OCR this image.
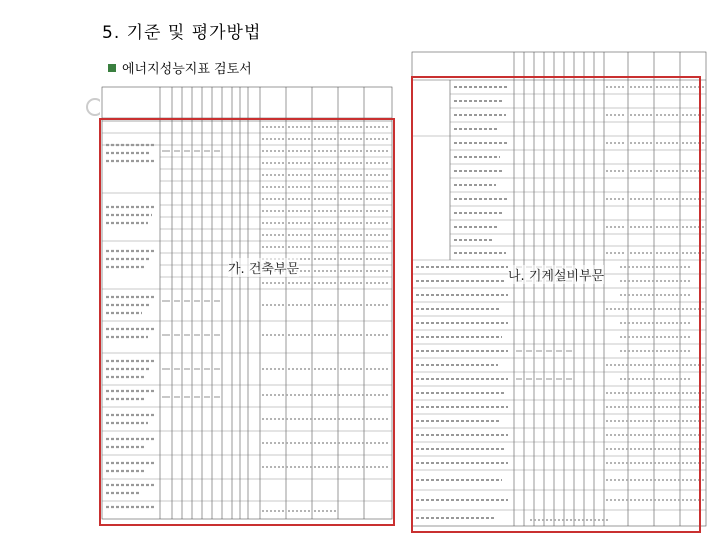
5. 기준 및 평가방법
에너지성능지표 검토서
가. 건축부문	나. 기계설비부문
